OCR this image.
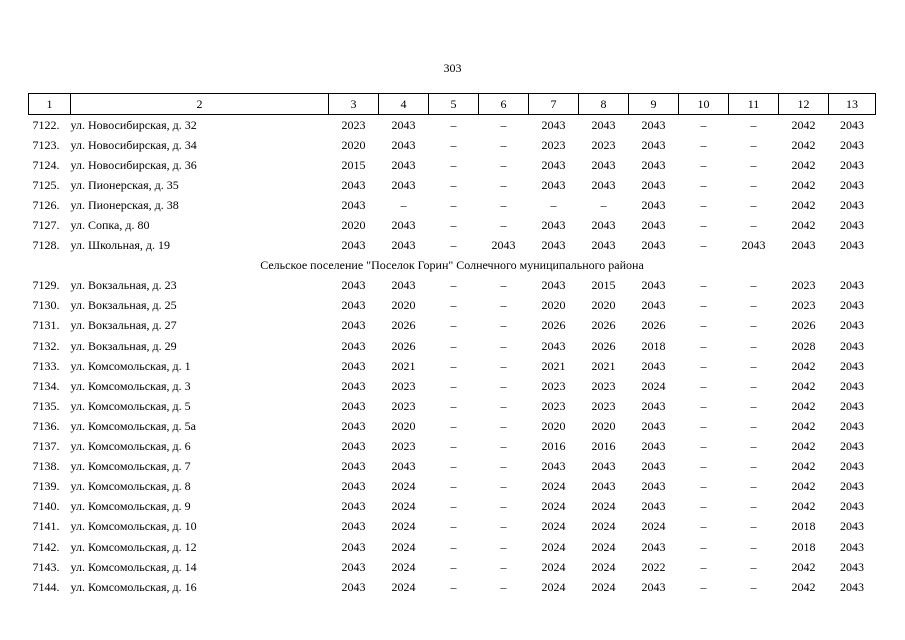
303
1	2	3	4	5	6	7	8	9	10	11	12	13
7122.	ул. Новосибирская, д. 32	2023	2043	–	–	2043	2043	2043	–	–	2042	2043
7123.	ул. Новосибирская, д. 34	2020	2043	–	–	2023	2023	2043	–	–	2042	2043
7124.	ул. Новосибирская, д. 36	2015	2043	–	–	2043	2043	2043	–	–	2042	2043
7125.	ул. Пионерская, д. 35	2043	2043	–	–	2043	2043	2043	–	–	2042	2043
7126.	ул. Пионерская, д. 38	2043	–	–	–	–	–	2043	–	–	2042	2043
7127.	ул. Сопка, д. 80	2020	2043	–	–	2043	2043	2043	–	–	2042	2043
7128.	ул. Школьная, д. 19	2043	2043	–	2043	2043	2043	2043	–	2043	2043	2043
Сельское поселение "Поселок Горин" Солнечного муниципального района												
7129.	ул. Вокзальная, д. 23	2043	2043	–	–	2043	2015	2043	–	–	2023	2043
7130.	ул. Вокзальная, д. 25	2043	2020	–	–	2020	2020	2043	–	–	2023	2043
7131.	ул. Вокзальная, д. 27	2043	2026	–	–	2026	2026	2026	–	–	2026	2043
7132.	ул. Вокзальная, д. 29	2043	2026	–	–	2043	2026	2018	–	–	2028	2043
7133.	ул. Комсомольская, д. 1	2043	2021	–	–	2021	2021	2043	–	–	2042	2043
7134.	ул. Комсомольская, д. 3	2043	2023	–	–	2023	2023	2024	–	–	2042	2043
7135.	ул. Комсомольская, д. 5	2043	2023	–	–	2023	2023	2043	–	–	2042	2043
7136.	ул. Комсомольская, д. 5а	2043	2020	–	–	2020	2020	2043	–	–	2042	2043
7137.	ул. Комсомольская, д. 6	2043	2023	–	–	2016	2016	2043	–	–	2042	2043
7138.	ул. Комсомольская, д. 7	2043	2043	–	–	2043	2043	2043	–	–	2042	2043
7139.	ул. Комсомольская, д. 8	2043	2024	–	–	2024	2043	2043	–	–	2042	2043
7140.	ул. Комсомольская, д. 9	2043	2024	–	–	2024	2024	2043	–	–	2042	2043
7141.	ул. Комсомольская, д. 10	2043	2024	–	–	2024	2024	2024	–	–	2018	2043
7142.	ул. Комсомольская, д. 12	2043	2024	–	–	2024	2024	2043	–	–	2018	2043
7143.	ул. Комсомольская, д. 14	2043	2024	–	–	2024	2024	2022	–	–	2042	2043
7144.	ул. Комсомольская, д. 16	2043	2024	–	–	2024	2024	2043	–	–	2042	2043
